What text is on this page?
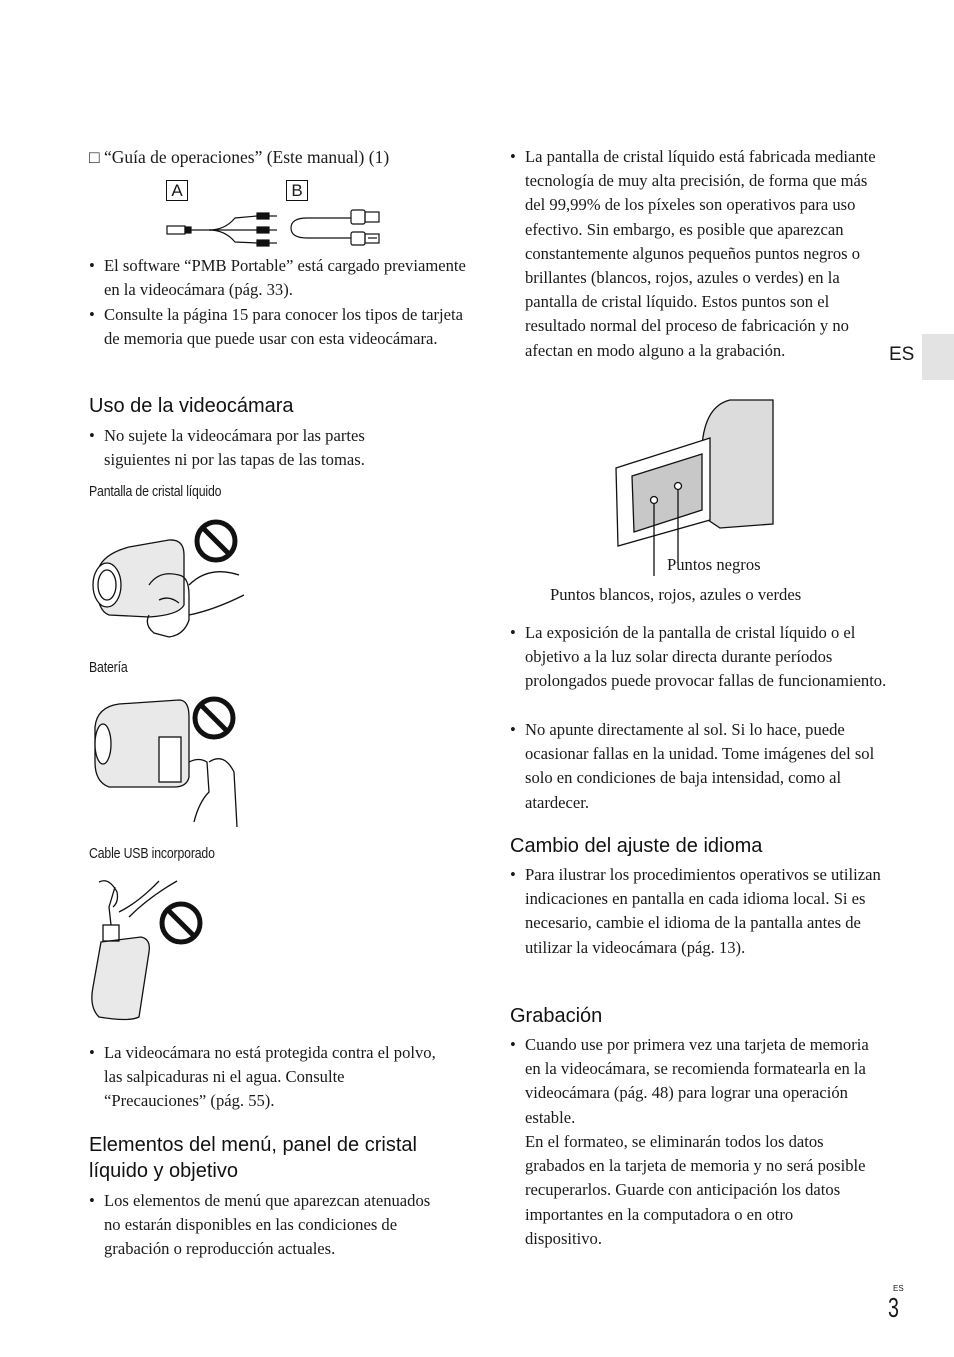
□ “Guía de operaciones” (Este manual) (1)
A	B
• El software “PMB Portable” está cargado previamente en la videocámara (pág. 33).
• Consulte la página 15 para conocer los tipos de tarjeta de memoria que puede usar con esta videocámara.
Uso de la videocámara
• No sujete la videocámara por las partes siguientes ni por las tapas de las tomas.
Pantalla de cristal líquido
Batería
Cable USB incorporado
• La videocámara no está protegida contra el polvo, las salpicaduras ni el agua. Consulte “Precauciones” (pág. 55).
Elementos del menú, panel de cristal líquido y objetivo
• Los elementos de menú que aparezcan atenuados no estarán disponibles en las condiciones de grabación o reproducción actuales.
• La pantalla de cristal líquido está fabricada mediante tecnología de muy alta precisión, de forma que más del 99,99% de los píxeles son operativos para uso efectivo. Sin embargo, es posible que aparezcan constantemente algunos pequeños puntos negros o brillantes (blancos, rojos, azules o verdes) en la pantalla de cristal líquido. Estos puntos son el resultado normal del proceso de fabricación y no afectan en modo alguno a la grabación.
Puntos negros
Puntos blancos, rojos, azules o verdes
• La exposición de la pantalla de cristal líquido o el objetivo a la luz solar directa durante períodos prolongados puede provocar fallas de funcionamiento.
• No apunte directamente al sol. Si lo hace, puede ocasionar fallas en la unidad. Tome imágenes del sol solo en condiciones de baja intensidad, como al atardecer.
Cambio del ajuste de idioma
• Para ilustrar los procedimientos operativos se utilizan indicaciones en pantalla en cada idioma local. Si es necesario, cambie el idioma de la pantalla antes de utilizar la videocámara (pág. 13).
Grabación
• Cuando use por primera vez una tarjeta de memoria en la videocámara, se recomienda formatearla en la videocámara (pág. 48) para lograr una operación estable.
En el formateo, se eliminarán todos los datos grabados en la tarjeta de memoria y no será posible recuperarlos. Guarde con anticipación los datos importantes en la computadora o en otro dispositivo.
ES
ES
3
